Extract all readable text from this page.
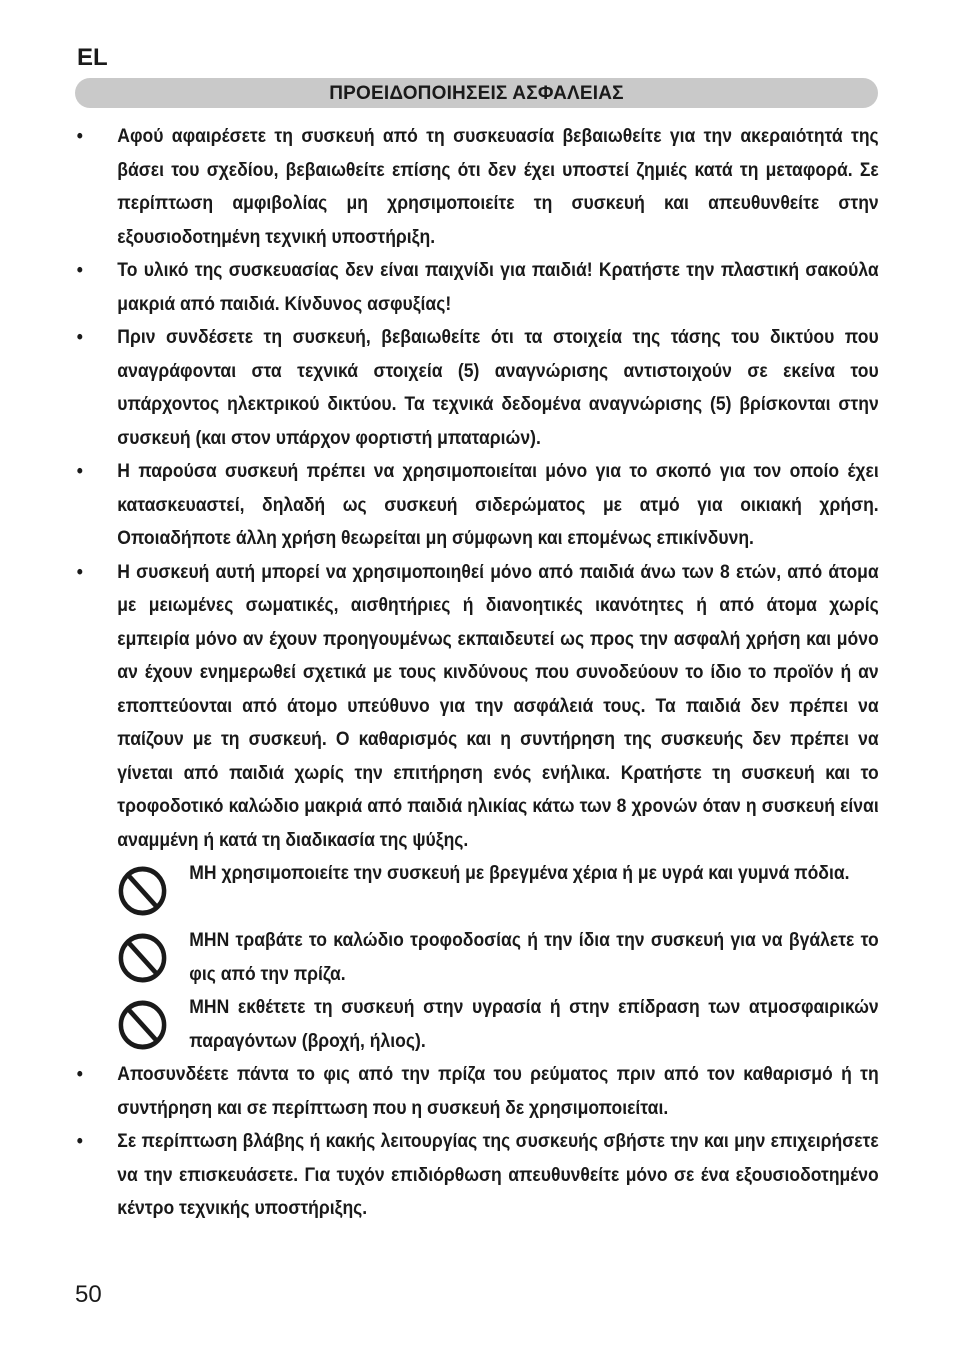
EL
ΠΡΟΕΙΔΟΠΟΙΗΣΕΙΣ ΑΣΦΑΛΕΙΑΣ
• Αφού αφαιρέσετε τη συσκευή από τη συσκευασία βεβαιωθείτε για την ακεραιότητά της βάσει του σχεδίου, βεβαιωθείτε επίσης ότι δεν έχει υποστεί ζημιές κατά τη μεταφορά. Σε περίπτωση αμφιβολίας μη χρησιμοποιείτε τη συσκευή και απευθυνθείτε στην εξουσιοδοτημένη τεχνική υποστήριξη.
• Το υλικό της συσκευασίας δεν είναι παιχνίδι για παιδιά! Κρατήστε την πλαστική σακούλα μακριά από παιδιά. Κίνδυνος ασφυξίας!
• Πριν συνδέσετε τη συσκευή, βεβαιωθείτε ότι τα στοιχεία της τάσης του δικτύου που αναγράφονται στα τεχνικά στοιχεία (5) αναγνώρισης αντιστοιχούν σε εκείνα του υπάρχοντος ηλεκτρικού δικτύου. Τα τεχνικά δεδομένα αναγνώρισης (5) βρίσκονται στην συσκευή (και στον υπάρχον φορτιστή μπαταριών).
• Η παρούσα συσκευή πρέπει να χρησιμοποιείται μόνο για το σκοπό για τον οποίο έχει κατασκευαστεί, δηλαδή ως συσκευή σιδερώματος με ατμό για οικιακή χρήση. Οποιαδήποτε άλλη χρήση θεωρείται μη σύμφωνη και επομένως επικίνδυνη.
• Η συσκευή αυτή μπορεί να χρησιμοποιηθεί μόνο από παιδιά άνω των 8 ετών, από άτομα με μειωμένες σωματικές, αισθητήριες ή διανοητικές ικανότητες ή από άτομα χωρίς εμπειρία μόνο αν έχουν προηγουμένως εκπαιδευτεί ως προς την ασφαλή χρήση και μόνο αν έχουν ενημερωθεί σχετικά με τους κινδύνους που συνοδεύουν το ίδιο το προϊόν ή αν εποπτεύονται από άτομο υπεύθυνο για την ασφάλειά τους. Τα παιδιά δεν πρέπει να παίζουν με τη συσκευή. Ο καθαρισμός και η συντήρηση της συσκευής δεν πρέπει να γίνεται από παιδιά χωρίς την επιτήρηση ενός ενήλικα. Κρατήστε τη συσκευή και το τροφοδοτικό καλώδιο μακριά από παιδιά ηλικίας κάτω των 8 χρονών όταν η συσκευή είναι αναμμένη ή κατά τη διαδικασία της ψύξης.
ΜΗ χρησιμοποιείτε την συσκευή με βρεγμένα χέρια ή με υγρά και γυμνά πόδια.
ΜΗΝ τραβάτε το καλώδιο τροφοδοσίας ή την ίδια την συσκευή για να βγάλετε το φις από την πρίζα.
ΜΗΝ εκθέτετε τη συσκευή στην υγρασία ή στην επίδραση των ατμοσφαιρικών παραγόντων (βροχή, ήλιος).
• Αποσυνδέετε πάντα το φις από την πρίζα του ρεύματος πριν από τον καθαρισμό ή τη συντήρηση και σε περίπτωση που η συσκευή δε χρησιμοποιείται.
• Σε περίπτωση βλάβης ή κακής λειτουργίας της συσκευής σβήστε την και μην επιχειρήσετε να την επισκευάσετε. Για τυχόν επιδιόρθωση απευθυνθείτε μόνο σε ένα εξουσιοδοτημένο κέντρο τεχνικής υποστήριξης.
50
